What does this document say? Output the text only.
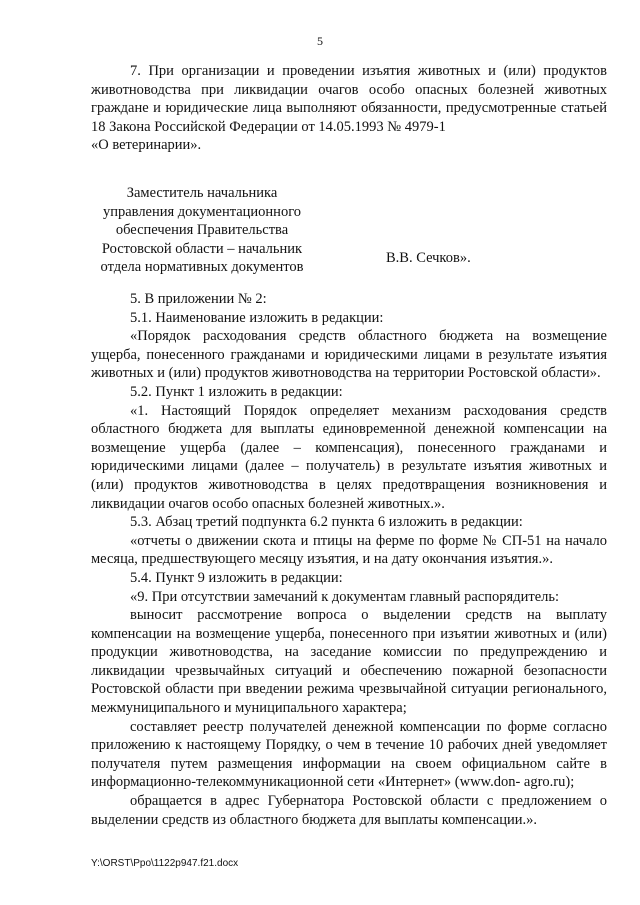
5

7. При организации и проведении изъятия животных и (или) продуктов животноводства при ликвидации очагов особо опасных болезней животных граждане и юридические лица выполняют обязанности, предусмотренные статьей 18 Закона Российской Федерации от 14.05.1993 № 4979-1

«О ветеринарии».

Заместитель начальника
управления документационного
обеспечения Правительства
Ростовской области – начальник
отдела нормативных документов
В.В. Сечков».

5. В приложении № 2:

5.1. Наименование изложить в редакции:

«Порядок расходования средств областного бюджета на возмещение ущерба, понесенного гражданами и юридическими лицами в результате изъятия животных и (или) продуктов животноводства на территории Ростовской области».

5.2. Пункт 1 изложить в редакции:

«1. Настоящий Порядок определяет механизм расходования средств областного бюджета для выплаты единовременной денежной компенсации на возмещение ущерба (далее – компенсация), понесенного гражданами и юридическими лицами (далее – получатель) в результате изъятия животных и (или) продуктов животноводства в целях предотвращения возникновения и ликвидации очагов особо опасных болезней животных.».

5.3. Абзац третий подпункта 6.2 пункта 6 изложить в редакции:

«отчеты о движении скота и птицы на ферме по форме № СП-51 на начало месяца, предшествующего месяцу изъятия, и на дату окончания изъятия.».

5.4. Пункт 9 изложить в редакции:

«9. При отсутствии замечаний к документам главный распорядитель:

выносит рассмотрение вопроса о выделении средств на выплату компенсации на возмещение ущерба, понесенного при изъятии животных и (или) продукции животноводства, на заседание комиссии по предупреждению и ликвидации чрезвычайных ситуаций и обеспечению пожарной безопасности Ростовской области при введении режима чрезвычайной ситуации регионального, межмуниципального и муниципального характера;

составляет реестр получателей денежной компенсации по форме согласно приложению к настоящему Порядку, о чем в течение 10 рабочих дней уведомляет получателя путем размещения информации на своем официальном сайте в информационно-телекоммуникационной сети «Интернет» (www.don- agro.ru);

обращается в адрес Губернатора Ростовской области с предложением о выделении средств из областного бюджета для выплаты компенсации.».

Y:\ORST\Ppo\1122p947.f21.docx
